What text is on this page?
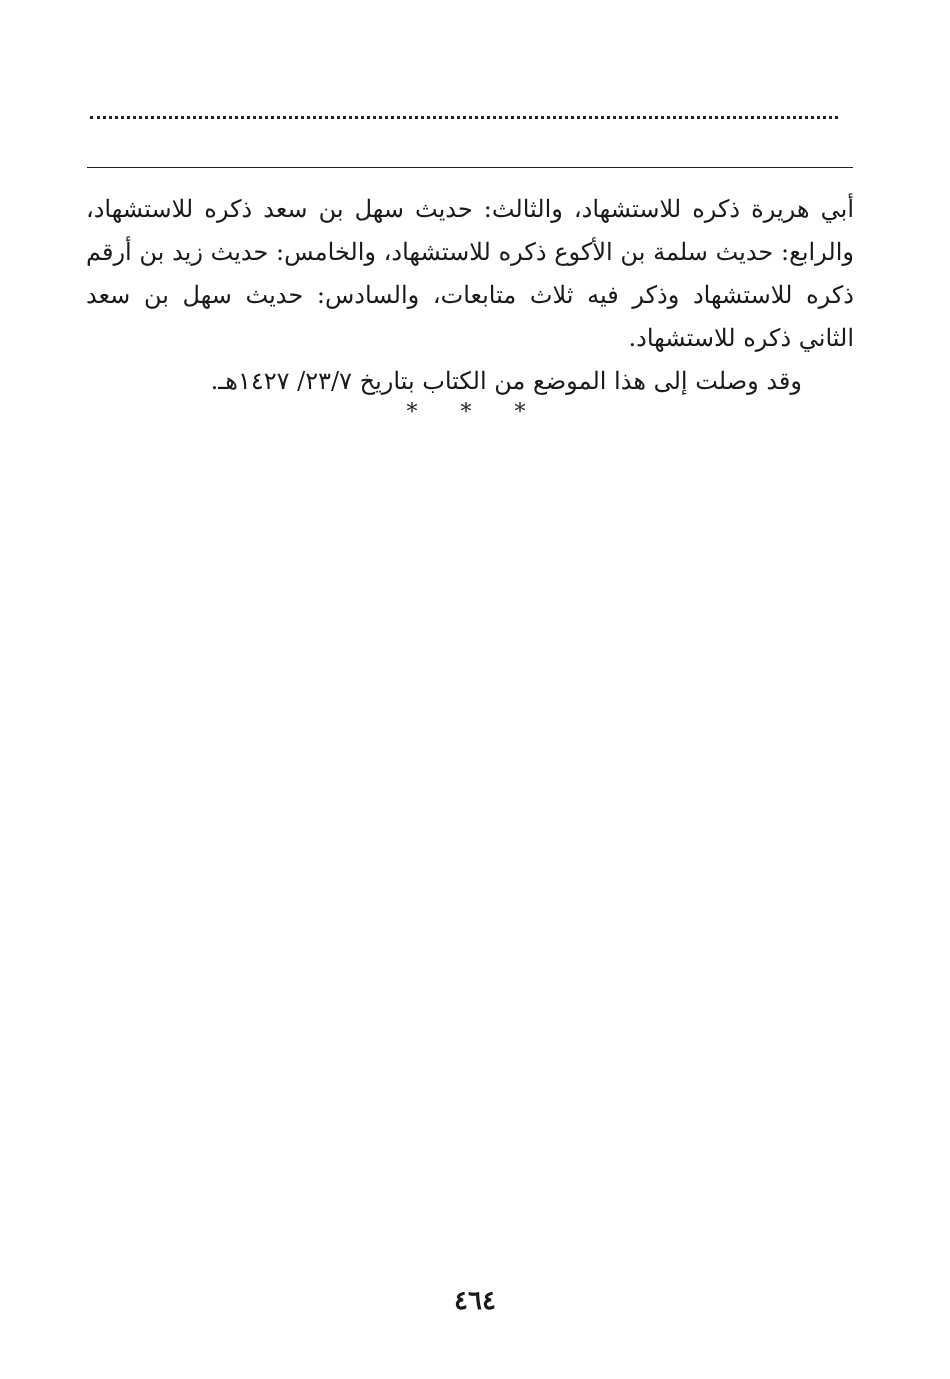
أبي هريرة ذكره للاستشهاد، والثالث: حديث سهل بن سعد ذكره للاستشهاد، والرابع: حديث سلمة بن الأكوع ذكره للاستشهاد، والخامس: حديث زيد بن أرقم ذكره للاستشهاد وذكر فيه ثلاث متابعات، والسادس: حديث سهل بن سعد الثاني ذكره للاستشهاد.

وقد وصلت إلى هذا الموضع من الكتاب بتاريخ ٢٣/٧/ ١٤٢٧هـ.

* * *
٤٦٤
